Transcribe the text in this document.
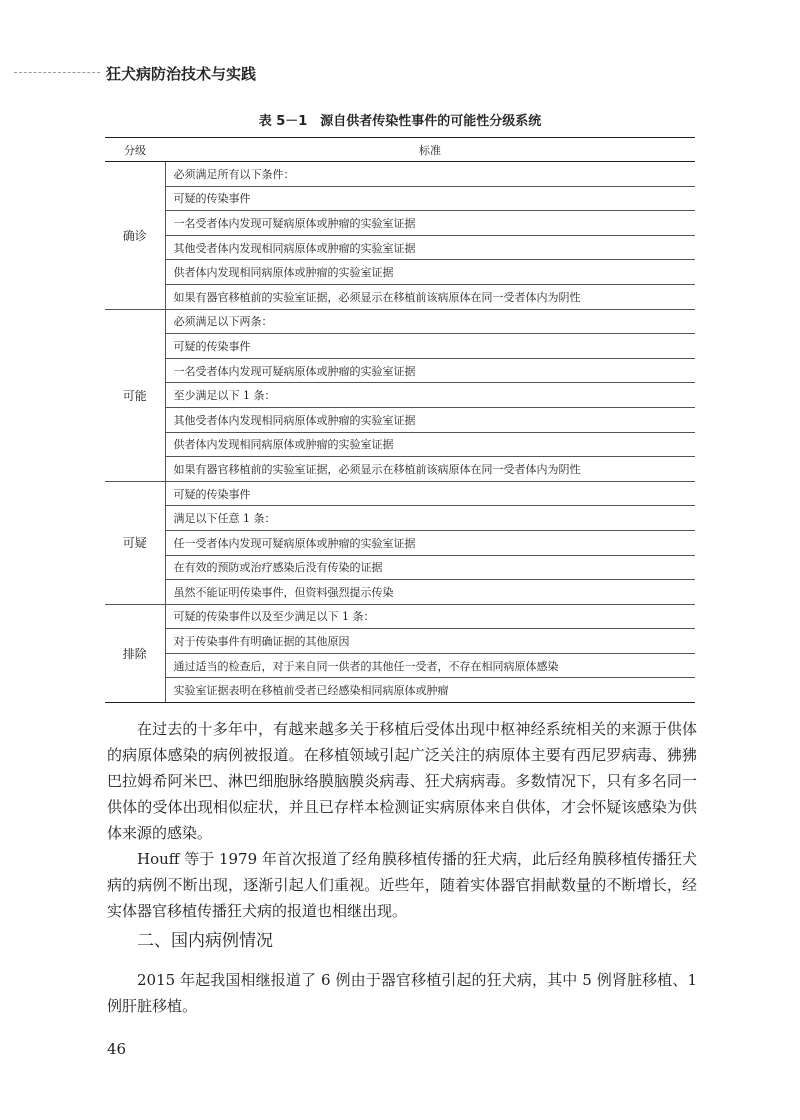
狂犬病防治技术与实践
表 5－1　源自供者传染性事件的可能性分级系统
分级	标准
确诊	必须满足所有以下条件：
	可疑的传染事件
	一名受者体内发现可疑病原体或肿瘤的实验室证据
	其他受者体内发现相同病原体或肿瘤的实验室证据
	供者体内发现相同病原体或肿瘤的实验室证据
	如果有器官移植前的实验室证据，必须显示在移植前该病原体在同一受者体内为阴性
可能	必须满足以下两条：
	可疑的传染事件
	一名受者体内发现可疑病原体或肿瘤的实验室证据
	至少满足以下 1 条：
	其他受者体内发现相同病原体或肿瘤的实验室证据
	供者体内发现相同病原体或肿瘤的实验室证据
	如果有器官移植前的实验室证据，必须显示在移植前该病原体在同一受者体内为阴性
可疑	可疑的传染事件
	满足以下任意 1 条：
	任一受者体内发现可疑病原体或肿瘤的实验室证据
	在有效的预防或治疗感染后没有传染的证据
	虽然不能证明传染事件，但资料强烈提示传染
排除	可疑的传染事件以及至少满足以下 1 条：
	对于传染事件有明确证据的其他原因
	通过适当的检查后，对于来自同一供者的其他任一受者，不存在相同病原体感染
	实验室证据表明在移植前受者已经感染相同病原体或肿瘤

在过去的十多年中，有越来越多关于移植后受体出现中枢神经系统相关的来源于供体的病原体感染的病例被报道。在移植领域引起广泛关注的病原体主要有西尼罗病毒、狒狒巴拉姆希阿米巴、淋巴细胞脉络膜脑膜炎病毒、狂犬病病毒。多数情况下，只有多名同一供体的受体出现相似症状，并且已存样本检测证实病原体来自供体，才会怀疑该感染为供体来源的感染。

Houff 等于 1979 年首次报道了经角膜移植传播的狂犬病，此后经角膜移植传播狂犬病的病例不断出现，逐渐引起人们重视。近些年，随着实体器官捐献数量的不断增长，经实体器官移植传播狂犬病的报道也相继出现。

二、国内病例情况

2015 年起我国相继报道了 6 例由于器官移植引起的狂犬病，其中 5 例肾脏移植、1 例肝脏移植。

46
